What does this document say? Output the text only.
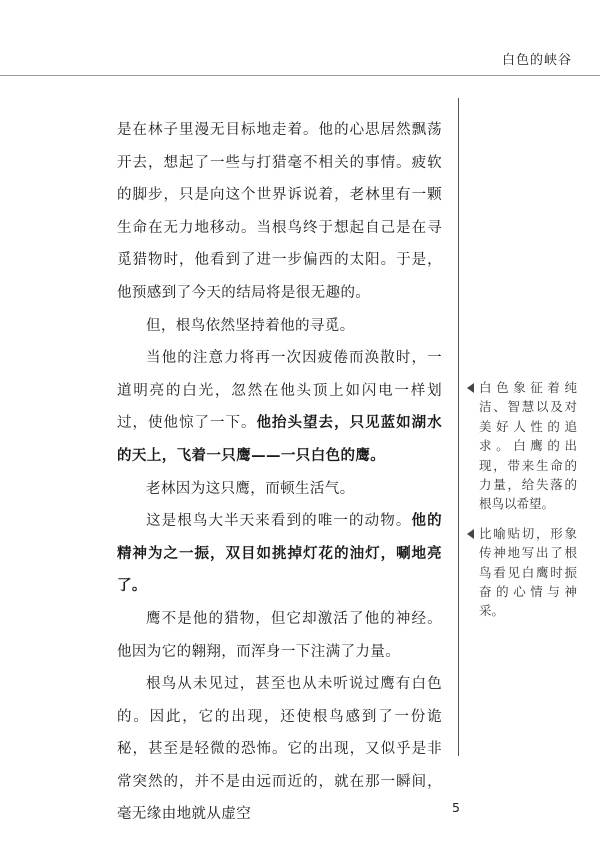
白色的峡谷

是在林子里漫无目标地走着。他的心思居然飘荡开去，想起了一些与打猎毫不相关的事情。疲软的脚步，只是向这个世界诉说着，老林里有一颗生命在无力地移动。当根鸟终于想起自己是在寻觅猎物时，他看到了进一步偏西的太阳。于是，他预感到了今天的结局将是很无趣的。

但，根鸟依然坚持着他的寻觅。

当他的注意力将再一次因疲倦而涣散时，一道明亮的白光，忽然在他头顶上如闪电一样划过，使他惊了一下。他抬头望去，只见蓝如湖水的天上，飞着一只鹰——一只白色的鹰。

老林因为这只鹰，而顿生活气。

这是根鸟大半天来看到的唯一的动物。他的精神为之一振，双目如挑掉灯花的油灯，唰地亮了。

鹰不是他的猎物，但它却激活了他的神经。他因为它的翱翔，而浑身一下注满了力量。

根鸟从未见过，甚至也从未听说过鹰有白色的。因此，它的出现，还使根鸟感到了一份诡秘，甚至是轻微的恐怖。它的出现，又似乎是非常突然的，并不是由远而近的，就在那一瞬间，毫无缘由地就从虚空

白色象征着纯洁、智慧以及对美好人性的追求。白鹰的出现，带来生命的力量，给失落的根鸟以希望。
比喻贴切，形象传神地写出了根鸟看见白鹰时振奋的心情与神采。
5
